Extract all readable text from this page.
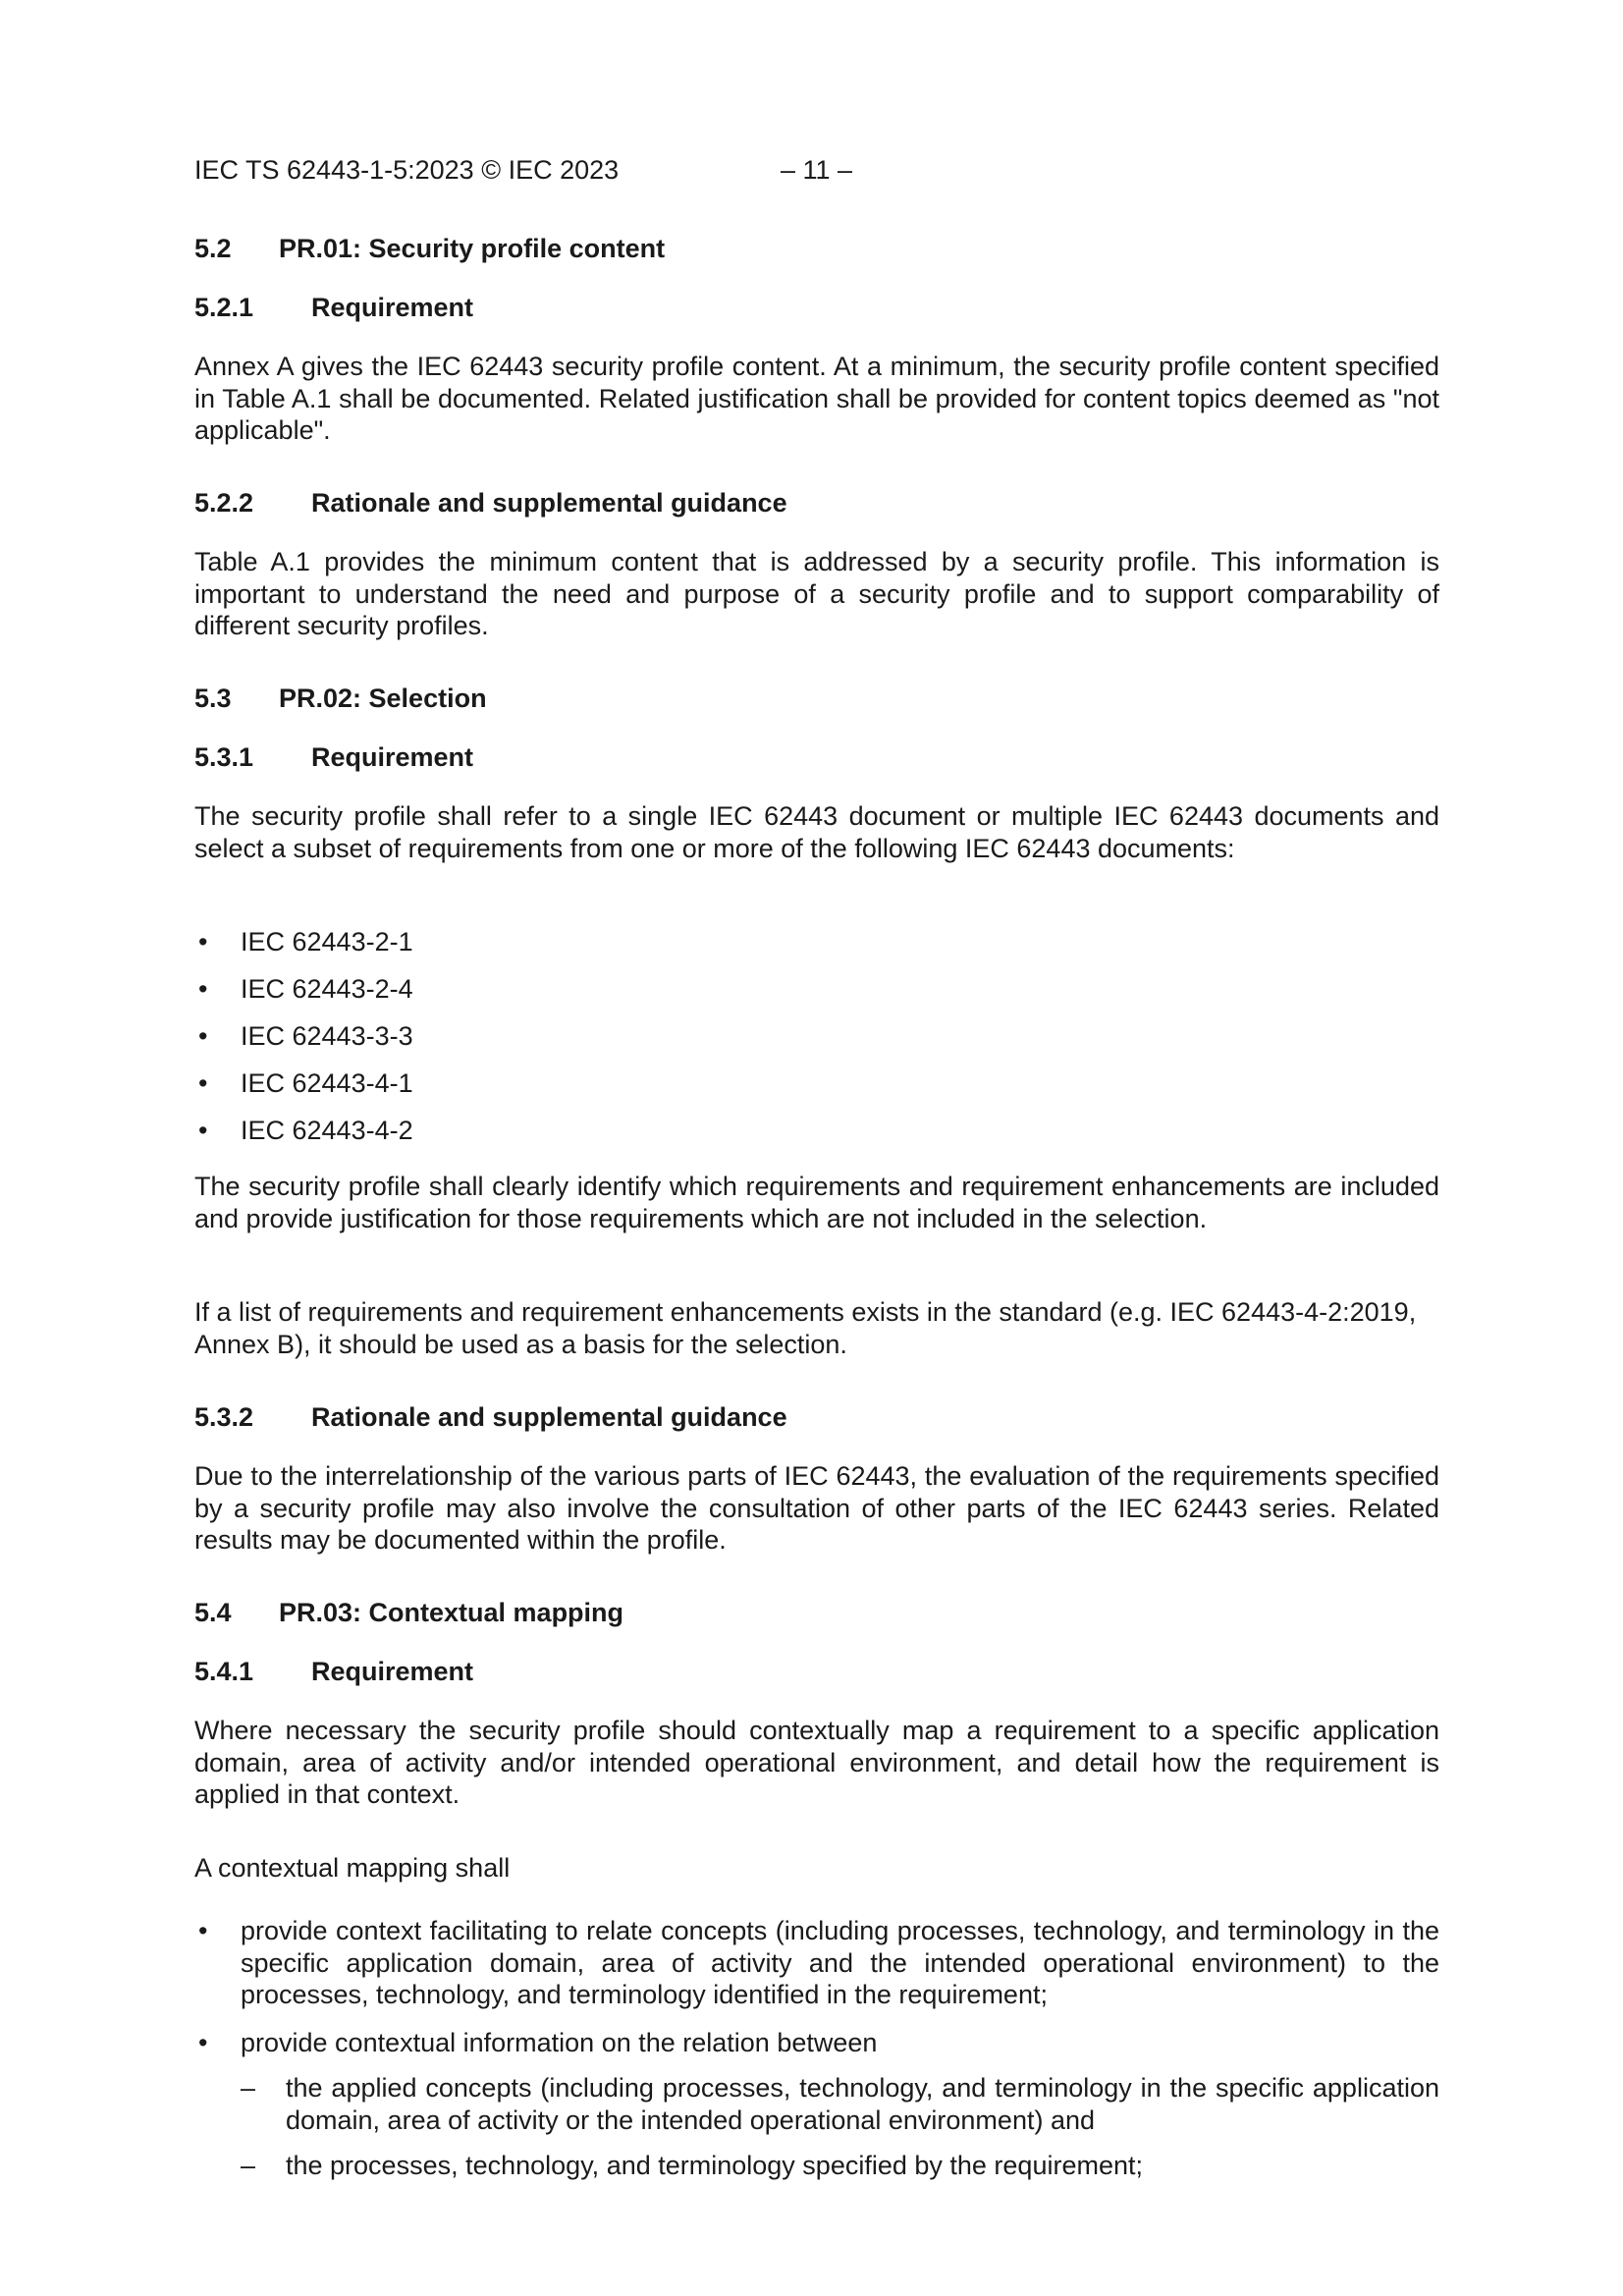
IEC TS 62443-1-5:2023 © IEC 2023	– 11 –
5.2 PR.01: Security profile content
5.2.1 Requirement

Annex A gives the IEC 62443 security profile content. At a minimum, the security profile content specified in Table A.1 shall be documented. Related justification shall be provided for content topics deemed as "not applicable".

5.2.2 Rationale and supplemental guidance

Table A.1 provides the minimum content that is addressed by a security profile. This information is important to understand the need and purpose of a security profile and to support comparability of different security profiles.

5.3 PR.02: Selection
5.3.1 Requirement

The security profile shall refer to a single IEC 62443 document or multiple IEC 62443 documents and select a subset of requirements from one or more of the following IEC 62443 documents:

• IEC 62443-2-1
• IEC 62443-2-4
• IEC 62443-3-3
• IEC 62443-4-1
• IEC 62443-4-2

The security profile shall clearly identify which requirements and requirement enhancements are included and provide justification for those requirements which are not included in the selection.

If a list of requirements and requirement enhancements exists in the standard (e.g. IEC 62443-4-2:2019, Annex B), it should be used as a basis for the selection.

5.3.2 Rationale and supplemental guidance

Due to the interrelationship of the various parts of IEC 62443, the evaluation of the requirements specified by a security profile may also involve the consultation of other parts of the IEC 62443 series. Related results may be documented within the profile.

5.4 PR.03: Contextual mapping
5.4.1 Requirement

Where necessary the security profile should contextually map a requirement to a specific application domain, area of activity and/or intended operational environment, and detail how the requirement is applied in that context.

A contextual mapping shall

• provide context facilitating to relate concepts (including processes, technology, and terminology in the specific application domain, area of activity and the intended operational environment) to the processes, technology, and terminology identified in the requirement;
• provide contextual information on the relation between
– the applied concepts (including processes, technology, and terminology in the specific application domain, area of activity or the intended operational environment) and
– the processes, technology, and terminology specified by the requirement;
